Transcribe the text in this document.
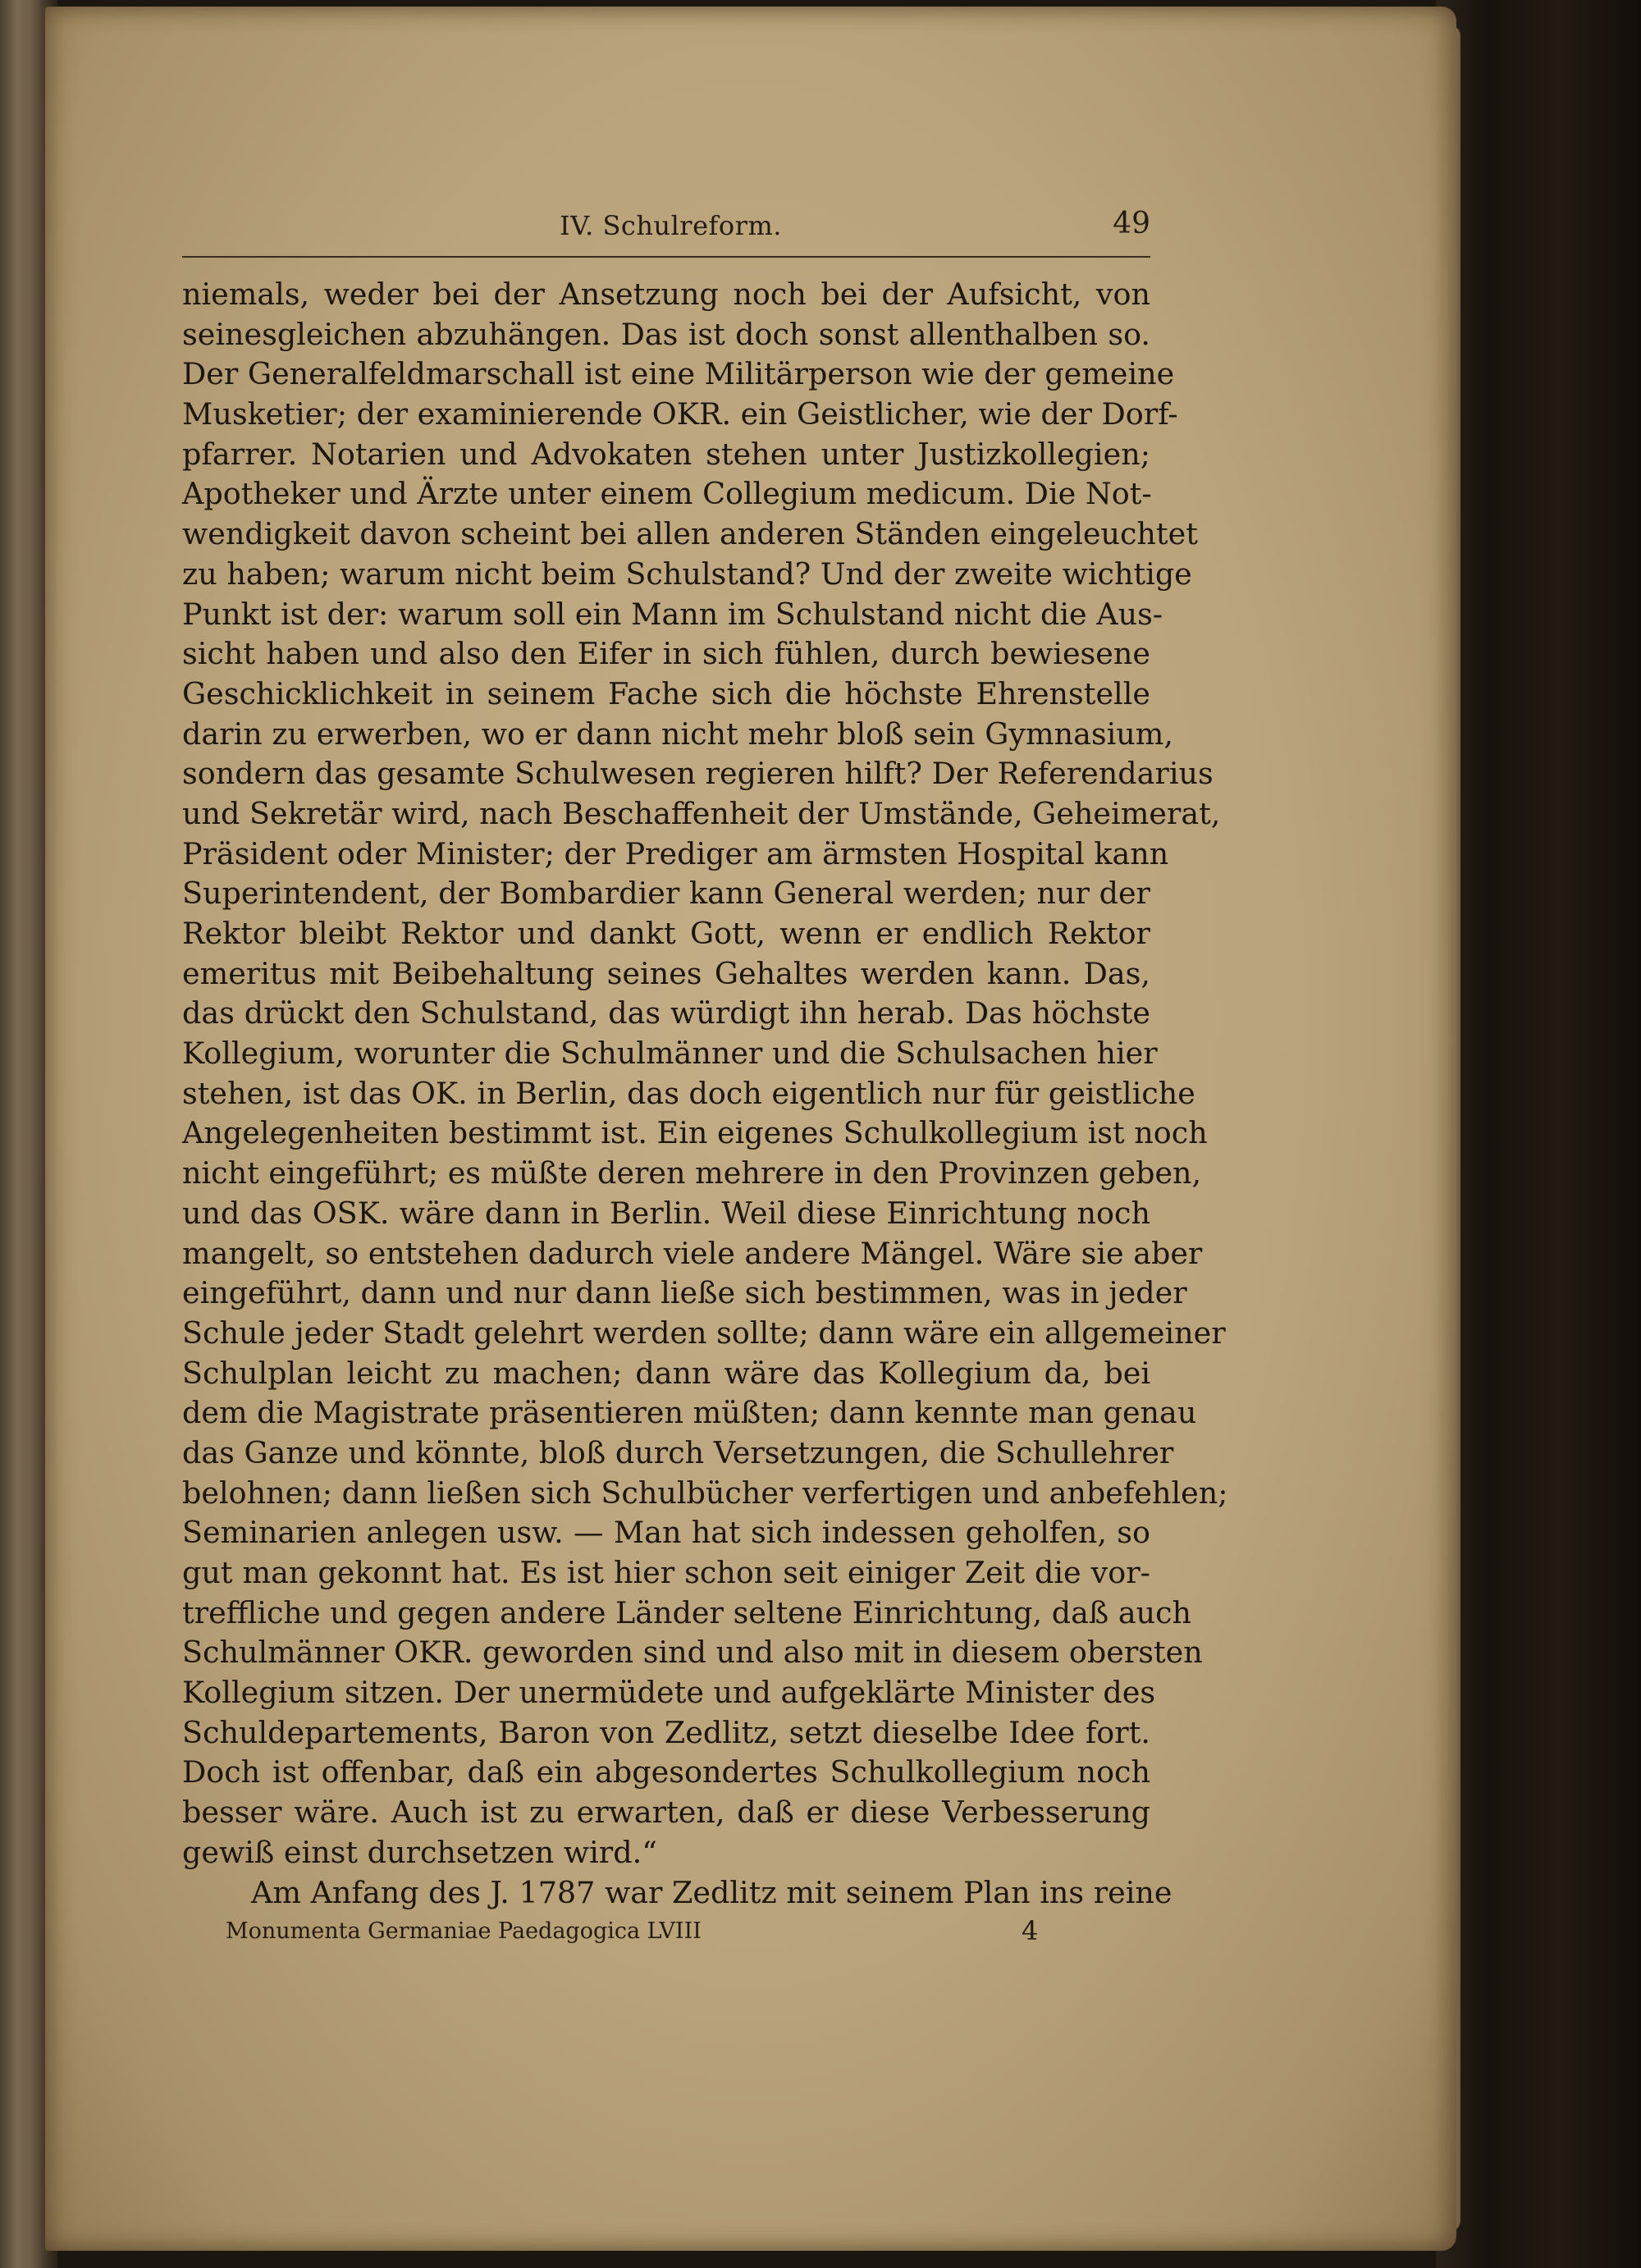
IV. Schulreform.	49
niemals, weder bei der Ansetzung noch bei der Aufsicht, von
seinesgleichen abzuhängen. Das ist doch sonst allenthalben so.
Der Generalfeldmarschall ist eine Militärperson wie der gemeine
Musketier; der examinierende OKR. ein Geistlicher, wie der Dorf-
pfarrer. Notarien und Advokaten stehen unter Justizkollegien;
Apotheker und Ärzte unter einem Collegium medicum. Die Not-
wendigkeit davon scheint bei allen anderen Ständen eingeleuchtet
zu haben; warum nicht beim Schulstand? Und der zweite wichtige
Punkt ist der: warum soll ein Mann im Schulstand nicht die Aus-
sicht haben und also den Eifer in sich fühlen, durch bewiesene
Geschicklichkeit in seinem Fache sich die höchste Ehrenstelle
darin zu erwerben, wo er dann nicht mehr bloß sein Gymnasium,
sondern das gesamte Schulwesen regieren hilft? Der Referendarius
und Sekretär wird, nach Beschaffenheit der Umstände, Geheimerat,
Präsident oder Minister; der Prediger am ärmsten Hospital kann
Superintendent, der Bombardier kann General werden; nur der
Rektor bleibt Rektor und dankt Gott, wenn er endlich Rektor
emeritus mit Beibehaltung seines Gehaltes werden kann. Das,
das drückt den Schulstand, das würdigt ihn herab. Das höchste
Kollegium, worunter die Schulmänner und die Schulsachen hier
stehen, ist das OK. in Berlin, das doch eigentlich nur für geistliche
Angelegenheiten bestimmt ist. Ein eigenes Schulkollegium ist noch
nicht eingeführt; es müßte deren mehrere in den Provinzen geben,
und das OSK. wäre dann in Berlin. Weil diese Einrichtung noch
mangelt, so entstehen dadurch viele andere Mängel. Wäre sie aber
eingeführt, dann und nur dann ließe sich bestimmen, was in jeder
Schule jeder Stadt gelehrt werden sollte; dann wäre ein allgemeiner
Schulplan leicht zu machen; dann wäre das Kollegium da, bei
dem die Magistrate präsentieren müßten; dann kennte man genau
das Ganze und könnte, bloß durch Versetzungen, die Schullehrer
belohnen; dann ließen sich Schulbücher verfertigen und anbefehlen;
Seminarien anlegen usw. — Man hat sich indessen geholfen, so
gut man gekonnt hat. Es ist hier schon seit einiger Zeit die vor-
treffliche und gegen andere Länder seltene Einrichtung, daß auch
Schulmänner OKR. geworden sind und also mit in diesem obersten
Kollegium sitzen. Der unermüdete und aufgeklärte Minister des
Schuldepartements, Baron von Zedlitz, setzt dieselbe Idee fort.
Doch ist offenbar, daß ein abgesondertes Schulkollegium noch
besser wäre. Auch ist zu erwarten, daß er diese Verbesserung
gewiß einst durchsetzen wird.“
Am Anfang des J. 1787 war Zedlitz mit seinem Plan ins reine
Monumenta Germaniae Paedagogica LVIII	4
